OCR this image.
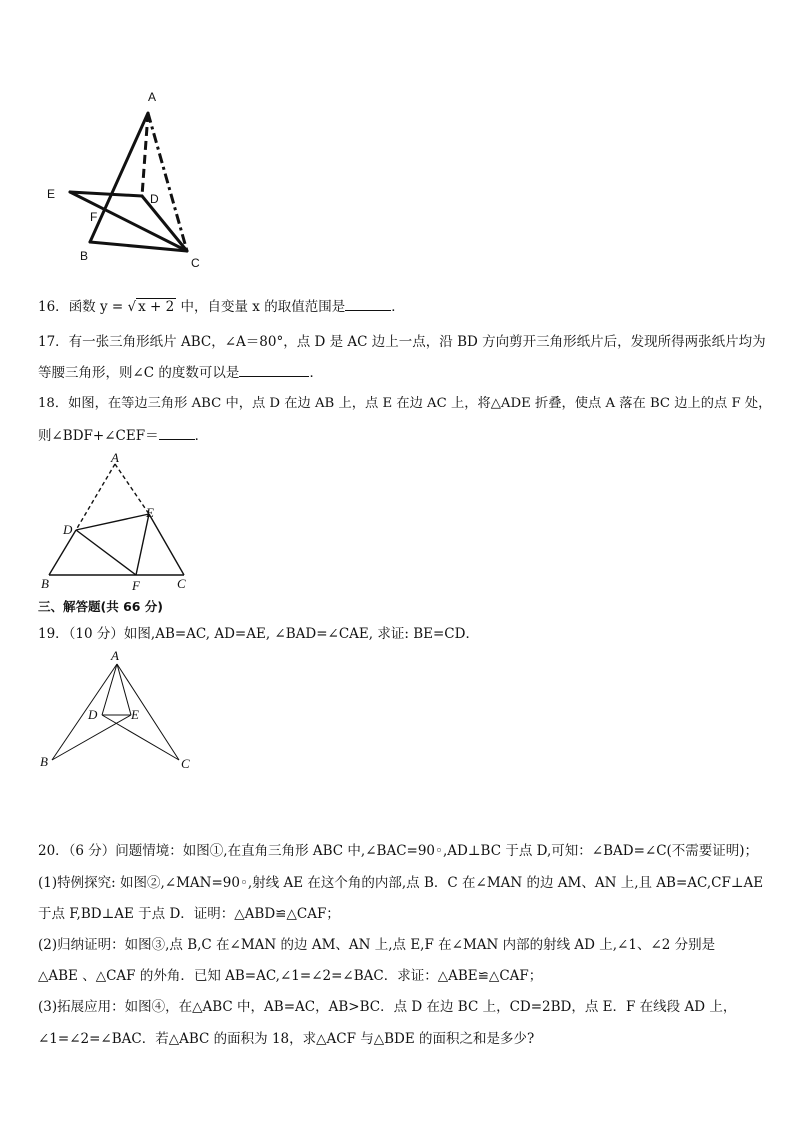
A
E	D
F
B	C
16．函数 y = √ x + 2 中，自变量 x 的取值范围是	．
17．有一张三角形纸片 ABC，∠A＝80°，点 D 是 AC 边上一点，沿 BD 方向剪开三角形纸片后，发现所得两张纸片均为
等腰三角形，则∠C 的度数可以是	．
18．如图，在等边三角形 ABC 中，点 D 在边 AB 上，点 E 在边 AC 上，将△ADE 折叠，使点 A 落在 BC 边上的点 F 处，
则∠BDF+∠CEF＝	．
A
D
E
B	F	C
三、解答题(共 66 分)
19．（10 分）如图,AB=AC, AD=AE, ∠BAD=∠CAE, 求证: BE=CD．
A
D	E
B	C
20．（6 分）问题情境：如图①,在直角三角形 ABC 中,∠BAC=90◦,AD⊥BC 于点 D,可知：∠BAD=∠C(不需要证明)；
(1)特例探究: 如图②,∠MAN=90◦,射线 AE 在这个角的内部,点 B．C 在∠MAN 的边 AM、AN 上,且 AB=AC,CF⊥AE
于点 F,BD⊥AE 于点 D．证明：△ABD≌△CAF；
(2)归纳证明：如图③,点 B,C 在∠MAN 的边 AM、AN 上,点 E,F 在∠MAN 内部的射线 AD 上,∠1、∠2 分别是
△ABE 、△CAF 的外角．已知 AB=AC,∠1=∠2=∠BAC．求证：△ABE≌△CAF；
(3)拓展应用：如图④，在△ABC 中，AB=AC，AB>BC．点 D 在边 BC 上，CD=2BD，点 E．F 在线段 AD 上，
∠1=∠2=∠BAC．若△ABC 的面积为 18，求△ACF 与△BDE 的面积之和是多少?
